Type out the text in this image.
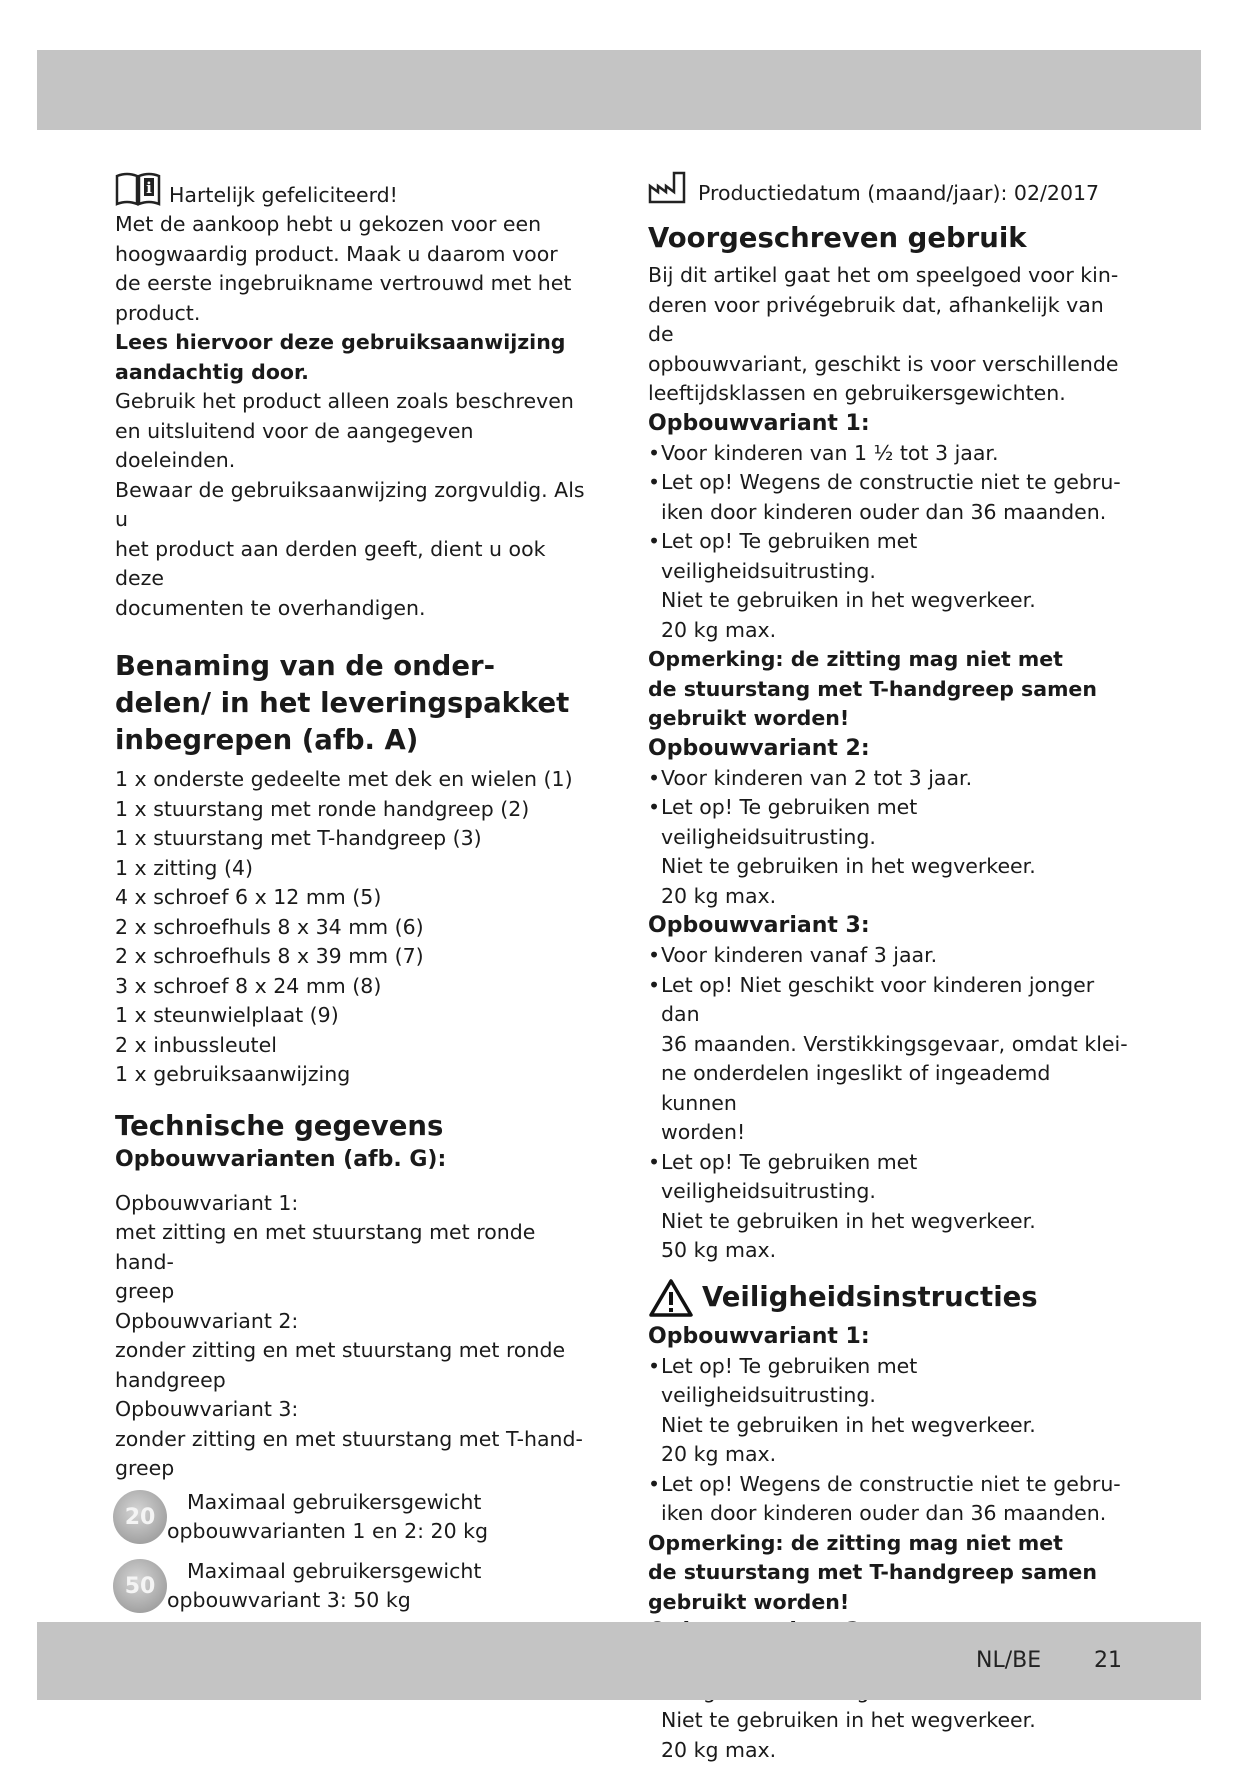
i Hartelijk gefeliciteerd!

Met de aankoop hebt u gekozen voor een

hoogwaardig product. Maak u daarom voor

de eerste ingebruikname vertrouwd met het

product.

Lees hiervoor deze gebruiksaanwijzing

aandachtig door.

Gebruik het product alleen zoals beschreven

en uitsluitend voor de aangegeven doeleinden.

Bewaar de gebruiksaanwijzing zorgvuldig. Als u

het product aan derden geeft, dient u ook deze

documenten te overhandigen.

Benaming van de onder-
delen/ in het leveringspakket
inbegrepen (afb. A)

1 x onderste gedeelte met dek en wielen (1)

1 x stuurstang met ronde handgreep (2)

1 x stuurstang met T-handgreep (3)

1 x zitting (4)

4 x schroef 6 x 12 mm (5)

2 x schroefhuls 8 x 34 mm (6)

2 x schroefhuls 8 x 39 mm (7)

3 x schroef 8 x 24 mm (8)

1 x steunwielplaat (9)

2 x inbussleutel

1 x gebruiksaanwijzing

Technische gegevens
Opbouwvarianten (afb. G):

Opbouwvariant 1:

met zitting en met stuurstang met ronde hand-

greep

Opbouwvariant 2:

zonder zitting en met stuurstang met ronde

handgreep

Opbouwvariant 3:

zonder zitting en met stuurstang met T-hand-

greep

20

Maximaal gebruikersgewicht

opbouwvarianten 1 en 2: 20 kg

50

Maximaal gebruikersgewicht

opbouwvariant 3: 50 kg

Productiedatum (maand/jaar): 02/2017
Voorgeschreven gebruik

Bij dit artikel gaat het om speelgoed voor kin-

deren voor privégebruik dat, afhankelijk van de

opbouwvariant, geschikt is voor verschillende

leeftijdsklassen en gebruikersgewichten.

Opbouwvariant 1:
• Voor kinderen van 1 ½ tot 3 jaar.

• Let op! Wegens de constructie niet te gebru-

iken door kinderen ouder dan 36 maanden.

• Let op! Te gebruiken met veiligheidsuitrusting.

Niet te gebruiken in het wegverkeer.

20 kg max.

Opmerking: de zitting mag niet met

de stuurstang met T-handgreep samen

gebruikt worden!

Opbouwvariant 2:
• Voor kinderen van 2 tot 3 jaar.

• Let op! Te gebruiken met veiligheidsuitrusting.

Niet te gebruiken in het wegverkeer.

20 kg max.

Opbouwvariant 3:
• Voor kinderen vanaf 3 jaar.

• Let op! Niet geschikt voor kinderen jonger dan

36 maanden. Verstikkingsgevaar, omdat klei-

ne onderdelen ingeslikt of ingeademd kunnen

worden!

• Let op! Te gebruiken met veiligheidsuitrusting.

Niet te gebruiken in het wegverkeer.

50 kg max.

Veiligheidsinstructies
Opbouwvariant 1:
• Let op! Te gebruiken met veiligheidsuitrusting.

Niet te gebruiken in het wegverkeer.

20 kg max.

• Let op! Wegens de constructie niet te gebru-

iken door kinderen ouder dan 36 maanden.

Opmerking: de zitting mag niet met

de stuurstang met T-handgreep samen

gebruikt worden!

Niet te gebruiken in het wegverkeer.

20 kg max.

NL/BE 21
